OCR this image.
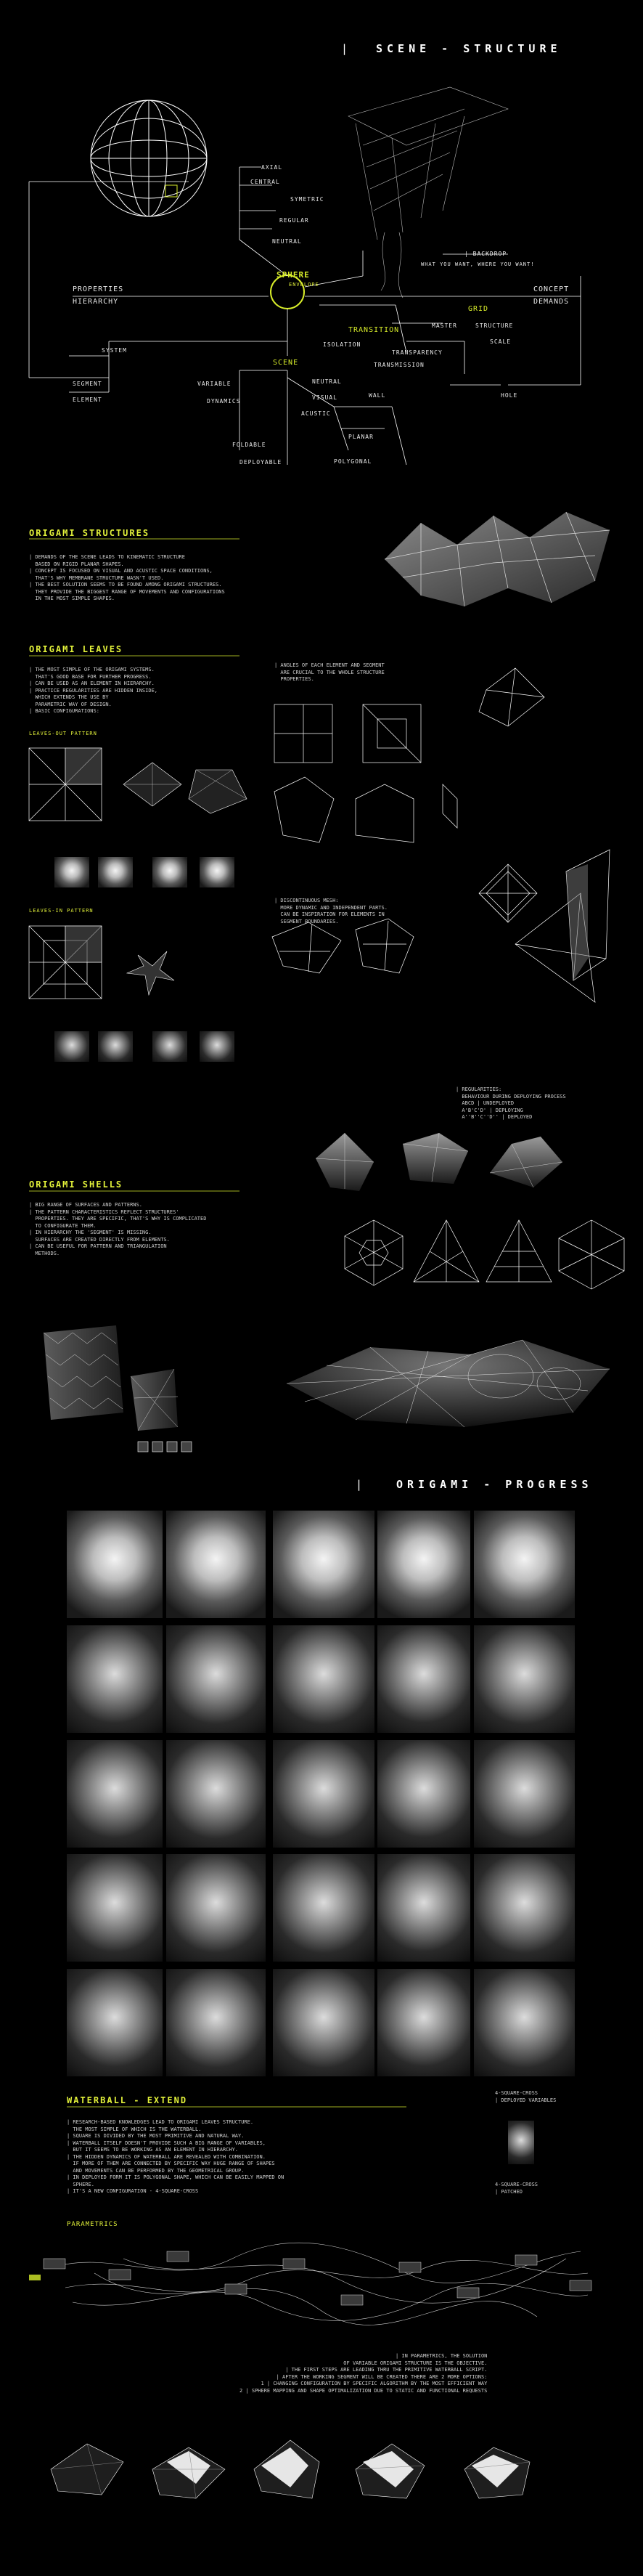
|	SCENE - STRUCTURE
SPHERE
ENVELOPE
AXIAL
CENTRAL
SYMETRIC
REGULAR
NEUTRAL
PROPERTIES
HIERARCHY
CONCEPT
DEMANDS
GRID
MASTER	STRUCTURE
SCALE
TRANSITION
ISOLATION
TRANSPARENCY
TRANSMISSION
SYSTEM
SEGMENT
ELEMENT
VARIABLE
SCENE
DYNAMICS
NEUTRAL
VISUAL
ACUSTIC
WALL	HOLE
PLANAR
FOLDABLE
DEPLOYABLE	POLYGONAL
| BACKDROP
WHAT YOU WANT, WHERE YOU WANT!
ORIGAMI STRUCTURES
| DEMANDS OF THE SCENE LEADS TO KINEMATIC STRUCTURE
BASED ON RIGID PLANAR SHAPES.
| CONCEPT IS FOCUSED ON VISUAL AND ACUSTIC SPACE CONDITIONS,
THAT'S WHY MEMBRANE STRUCTURE WASN'T USED.
| THE BEST SOLUTION SEEMS TO BE FOUND AMONG ORIGAMI STRUCTURES.
THEY PROVIDE THE BIGGEST RANGE OF MOVEMENTS AND CONFIGURATIONS
IN THE MOST SIMPLE SHAPES.
ORIGAMI LEAVES
| THE MOST SIMPLE OF THE ORIGAMI SYSTEMS.
THAT'S GOOD BASE FOR FURTHER PROGRESS.
| CAN BE USED AS AN ELEMENT IN HIERARCHY.
| PRACTICE REGULARITIES ARE HIDDEN INSIDE,
WHICH EXTENDS THE USE BY
PARAMETRIC WAY OF DESIGN.
| BASIC CONFIGURATIONS:
LEAVES-OUT PATTERN
LEAVES-IN PATTERN
| ANGLES OF EACH ELEMENT AND SEGMENT
ARE CRUCIAL TO THE WHOLE STRUCTURE
PROPERTIES.
| DISCONTINUOUS MESH:
MORE DYNAMIC AND INDEPENDENT PARTS.
CAN BE INSPIRATION FOR ELEMENTS IN
SEGMENT BOUNDARIES.
| REGULARITIES:
BEHAVIOUR DURING DEPLOYING PROCESS
ABCD | UNDEPLOYED
A'B'C'D' | DEPLOYING
A''B''C''D'' | DEPLOYED
ORIGAMI SHELLS
| BIG RANGE OF SURFACES AND PATTERNS.
| THE PATTERN CHARACTERISTICS REFLECT STRUCTURES'
PROPERTIES. THEY ARE SPECIFIC, THAT'S WHY IS COMPLICATED
TO CONFIGURATE THEM.
| IN HIERARCHY THE 'SEGMENT' IS MISSING.
SURFACES ARE CREATED DIRECTLY FROM ELEMENTS.
| CAN BE USEFUL FOR PATTERN AND TRIANGULATION
METHODS.
|	ORIGAMI - PROGRESS
WATERBALL - EXTEND
| RESEARCH-BASED KNOWLEDGES LEAD TO ORIGAMI LEAVES STRUCTURE.
THE MOST SIMPLE OF WHICH IS THE WATERBALL.
| SQUARE IS DIVIDED BY THE MOST PRIMITIVE AND NATURAL WAY.
| WATERBALL ITSELF DOESN'T PROVIDE SUCH A BIG RANGE OF VARIABLES,
BUT IT SEEMS TO BE WORKING AS AN ELEMENT IN HIERARCHY.
| THE HIDDEN DYNAMICS OF WATERBALL ARE REVEALED WITH COMBINATION.
IF MORE OF THEM ARE CONNECTED BY SPECIFIC WAY HUGE RANGE OF SHAPES
AND MOVEMENTS CAN BE PERFORMED BY THE GEOMETRICAL GROUP.
| IN DEPLOYED FORM IT IS POLYGONAL SHAPE, WHICH CAN BE EASILY MAPPED ON
SPHERE.
| IT'S A NEW CONFIGURATION - 4-SQUARE-CROSS
4-SQUARE-CROSS
| DEPLOYED VARIABLES
4-SQUARE-CROSS
| PATCHED
PARAMETRICS
| IN PARAMETRICS, THE SOLUTION
OF VARIABLE ORIGAMI STRUCTURE IS THE OBJECTIVE.
| THE FIRST STEPS ARE LEADING THRU THE PRIMITIVE WATERBALL SCRIPT.
| AFTER THE WORKING SEGMENT WILL BE CREATED THERE ARE 2 MORE OPTIONS:
1 | CHANGING CONFIGURATION BY SPECIFIC ALGORITHM BY THE MOST EFFICIENT WAY
2 | SPHERE MAPPING AND SHAPE OPTIMALIZATION DUE TO STATIC AND FUNCTIONAL REQUESTS
